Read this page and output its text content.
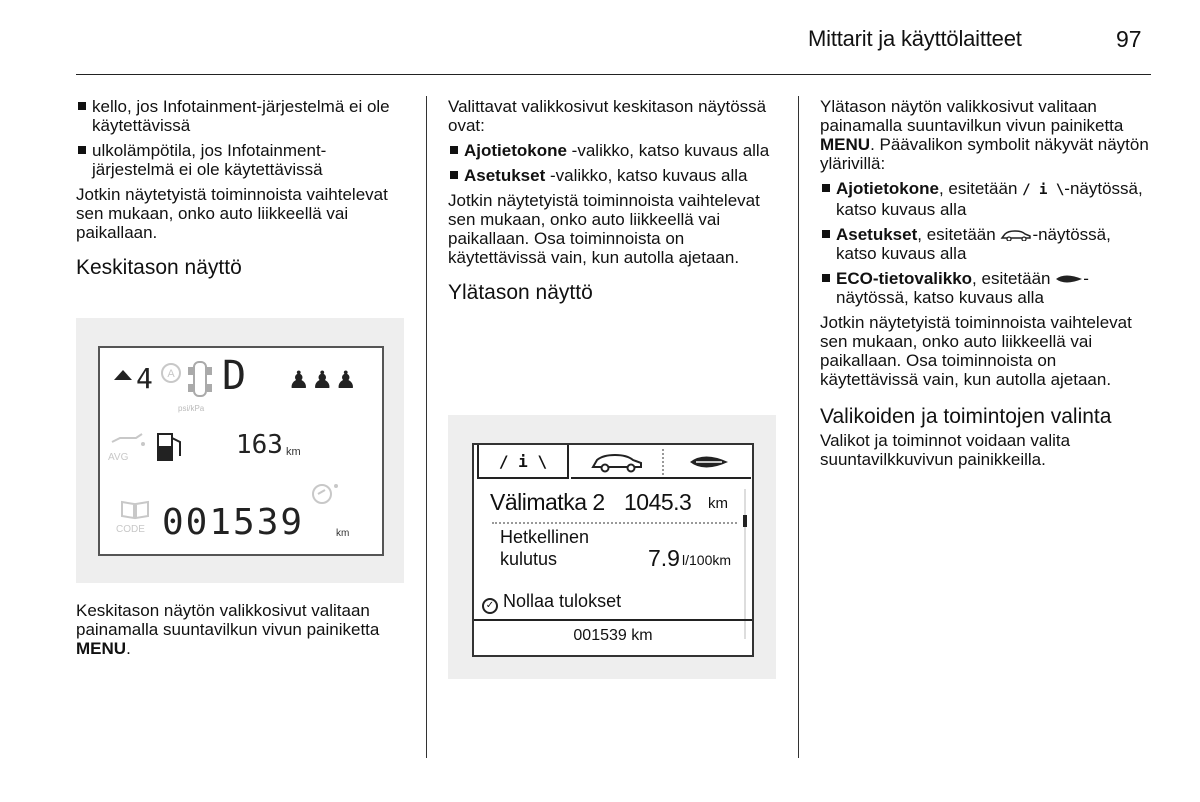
Mittarit ja käyttölaitteet	97
kello, jos Infotainment-järjestelmä ei ole käytettävissä
ulkolämpötila, jos Infotainment-järjestelmä ei ole käytettävissä
Jotkin näytetyistä toiminnoista vaihtelevat sen mukaan, onko auto liikkeellä vai paikallaan.
Keskitason näyttö
4 A
psi/kPa
D ♟♟♟
AVG	163 km
CODE 001539	km
Keskitason näytön valikkosivut valitaan painamalla suuntavilkun vivun painiketta MENU.
Valittavat valikkosivut keskitason näytössä ovat:
Ajotietokone -valikko, katso kuvaus alla
Asetukset -valikko, katso kuvaus alla
Jotkin näytetyistä toiminnoista vaihtelevat sen mukaan, onko auto liikkeellä vai paikallaan. Osa toiminnoista on käytettävissä vain, kun autolla ajetaan.
Ylätason näyttö
/ i \
Välimatka 2 1045.3 km
Hetkellinen
kulutus	7.9 l/100km
✓ Nollaa tulokset
001539 km
Ylätason näytön valikkosivut valitaan painamalla suuntavilkun vivun painiketta MENU. Päävalikon symbolit näkyvät näytön ylärivillä:
Ajotietokone, esitetään / i \-näytössä, katso kuvaus alla
Asetukset, esitetään -näytössä, katso kuvaus alla
ECO-tietovalikko, esitetään -näytössä, katso kuvaus alla
Jotkin näytetyistä toiminnoista vaihtelevat sen mukaan, onko auto liikkeellä vai paikallaan. Osa toiminnoista on käytettävissä vain, kun autolla ajetaan.
Valikoiden ja toimintojen valinta
Valikot ja toiminnot voidaan valita suuntavilkkuvivun painikkeilla.
